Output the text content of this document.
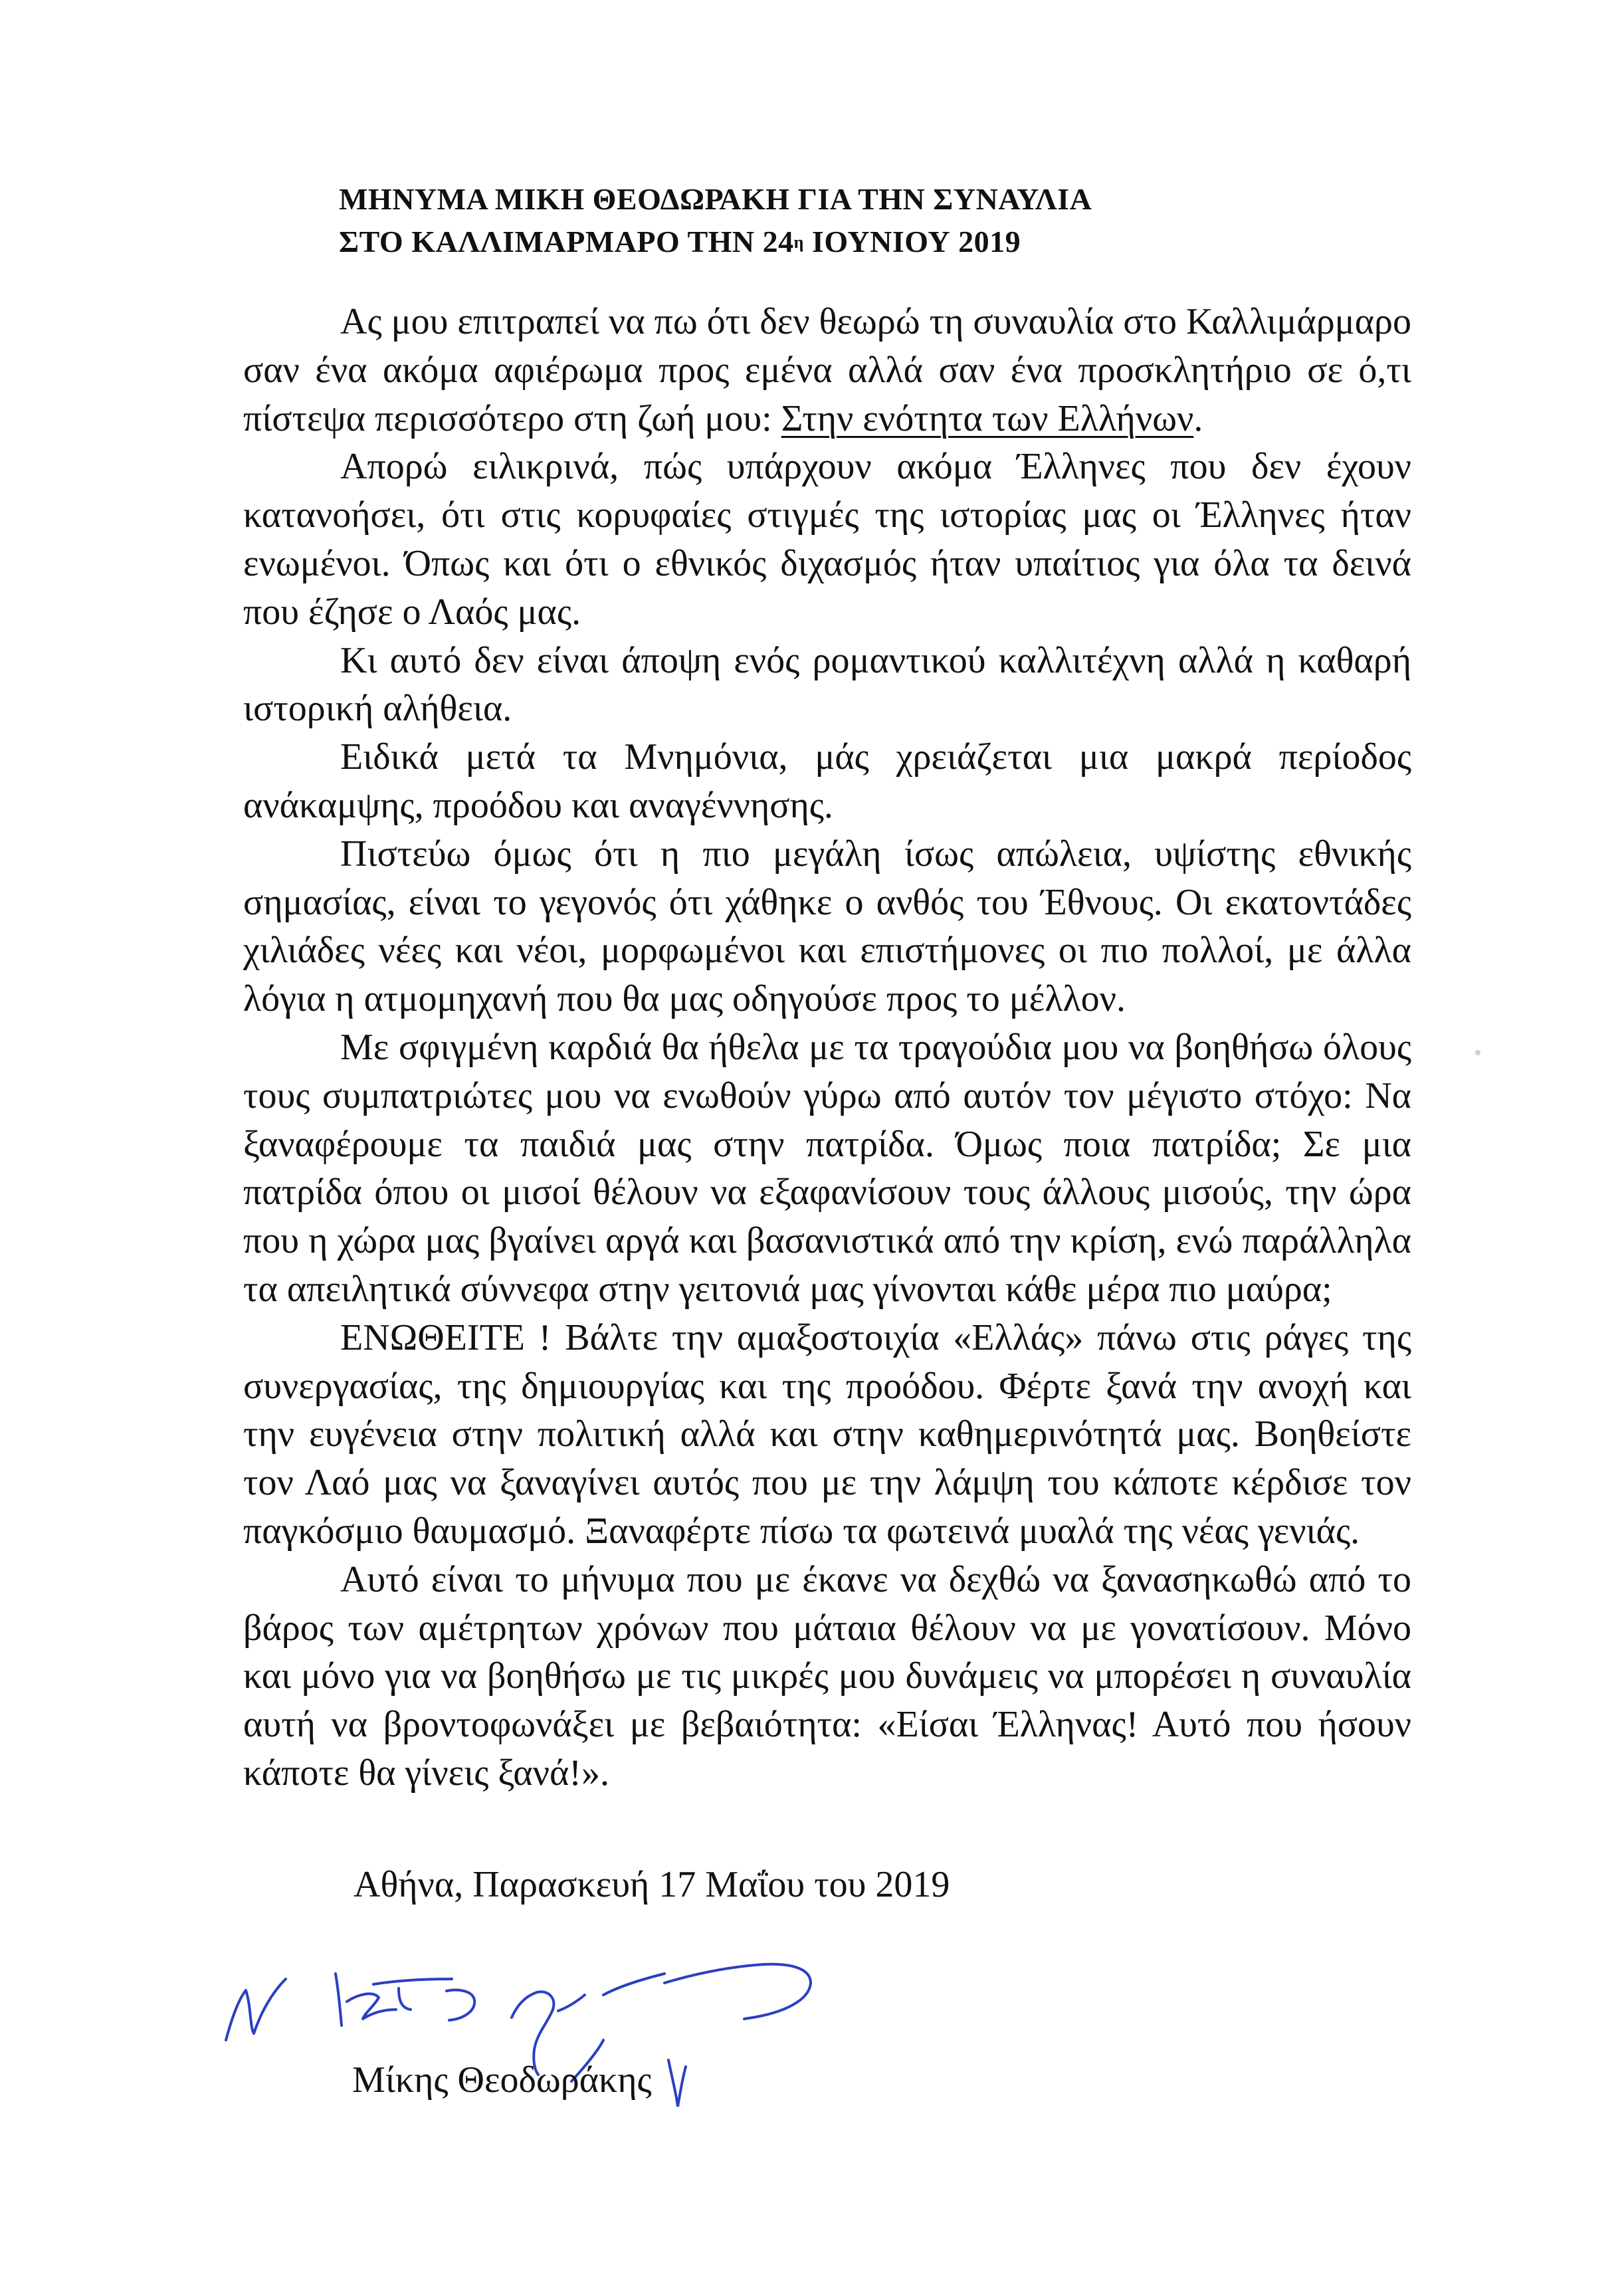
ΜΗΝΥΜΑ ΜΙΚΗ ΘΕΟΔΩΡΑΚΗ ΓΙΑ ΤΗΝ ΣΥΝΑΥΛΙΑ
ΣΤΟ ΚΑΛΛΙΜΑΡΜΑΡΟ ΤΗΝ $24^\eta$ ΙΟΥΝΙΟΥ 2019

Ας μου επιτραπεί να πω ότι δεν θεωρώ τη συναυλία στο Καλλιμάρμαρο σαν ένα ακόμα αφιέρωμα προς εμένα αλλά σαν ένα προσκλητήριο σε ό,τι πίστεψα περισσότερο στη ζωή μου: Στην ενότητα των Ελλήνων.

Απορώ ειλικρινά, πώς υπάρχουν ακόμα Έλληνες που δεν έχουν κατανοήσει, ότι στις κορυφαίες στιγμές της ιστορίας μας οι Έλληνες ήταν ενωμένοι. Όπως και ότι ο εθνικός διχασμός ήταν υπαίτιος για όλα τα δεινά που έζησε ο Λαός μας.

Κι αυτό δεν είναι άποψη ενός ρομαντικού καλλιτέχνη αλλά η καθαρή ιστορική αλήθεια.

Ειδικά μετά τα Μνημόνια, μάς χρειάζεται μια μακρά περίοδος ανάκαμψης, προόδου και αναγέννησης.

Πιστεύω όμως ότι η πιο μεγάλη ίσως απώλεια, υψίστης εθνικής σημασίας, είναι το γεγονός ότι χάθηκε ο ανθός του Έθνους. Οι εκατοντάδες χιλιάδες νέες και νέοι, μορφωμένοι και επιστήμονες οι πιο πολλοί, με άλλα λόγια η ατμομηχανή που θα μας οδηγούσε προς το μέλλον.

Με σφιγμένη καρδιά θα ήθελα με τα τραγούδια μου να βοηθήσω όλους τους συμπατριώτες μου να ενωθούν γύρω από αυτόν τον μέγιστο στόχο: Να ξαναφέρουμε τα παιδιά μας στην πατρίδα. Όμως ποια πατρίδα; Σε μια πατρίδα όπου οι μισοί θέλουν να εξαφανίσουν τους άλλους μισούς, την ώρα που η χώρα μας βγαίνει αργά και βασανιστικά από την κρίση, ενώ παράλληλα τα απειλητικά σύννεφα στην γειτονιά μας γίνονται κάθε μέρα πιο μαύρα;

ΕΝΩΘΕΙΤΕ ! Βάλτε την αμαξοστοιχία «Ελλάς» πάνω στις ράγες της συνεργασίας, της δημιουργίας και της προόδου. Φέρτε ξανά την ανοχή και την ευγένεια στην πολιτική αλλά και στην καθημερινότητά μας. Βοηθείστε τον Λαό μας να ξαναγίνει αυτός που με την λάμψη του κάποτε κέρδισε τον παγκόσμιο θαυμασμό. Ξαναφέρτε πίσω τα φωτεινά μυαλά της νέας γενιάς.

Αυτό είναι το μήνυμα που με έκανε να δεχθώ να ξανασηκωθώ από το βάρος των αμέτρητων χρόνων που μάταια θέλουν να με γονατίσουν. Μόνο και μόνο για να βοηθήσω με τις μικρές μου δυνάμεις να μπορέσει η συναυλία αυτή να βροντοφωνάξει με βεβαιότητα: «Είσαι Έλληνας! Αυτό που ήσουν κάποτε θα γίνεις ξανά!».

Αθήνα, Παρασκευή 17 Μαΐου του 2019
Μίκης Θεοδωράκης
